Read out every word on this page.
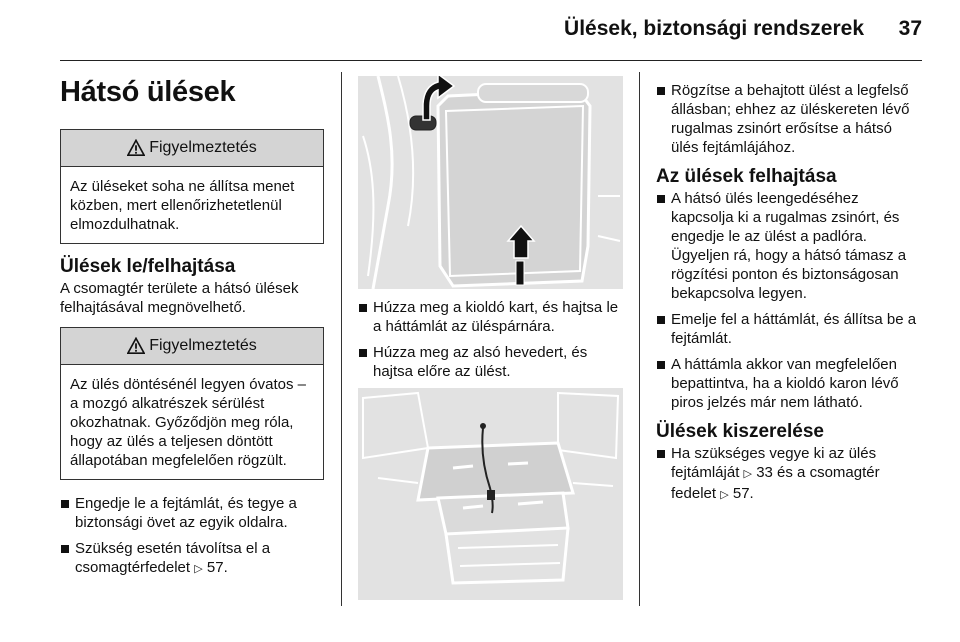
Ülések, biztonsági rendszerek 37
Hátsó ülések
Figyelmeztetés
Az üléseket soha ne állítsa menet közben, mert ellenőrizhetetlenül elmozdulhatnak.
Ülések le/felhajtása

A csomagtér területe a hátsó ülések felhajtásával megnövelhető.

Figyelmeztetés
Az ülés döntésénél legyen óvatos – a mozgó alkatrészek sérülést okozhatnak. Győződjön meg róla, hogy az ülés a teljesen döntött állapotában megfelelően rögzült.
Engedje le a fejtámlát, és tegye a biztonsági övet az egyik oldalra.
Szükség esetén távolítsa el a csomagtérfedelet ▷ 57.
Húzza meg a kioldó kart, és hajtsa le a háttámlát az üléspárnára.
Húzza meg az alsó hevedert, és hajtsa előre az ülést.
Rögzítse a behajtott ülést a legfelső állásban; ehhez az üléskereten lévő rugalmas zsinórt erősítse a hátsó ülés fejtámlájához.
Az ülések felhajtása
A hátsó ülés leengedéséhez kapcsolja ki a rugalmas zsinórt, és engedje le az ülést a padlóra. Ügyeljen rá, hogy a hátsó támasz a rögzítési ponton és biztonságosan bekapcsolva legyen.
Emelje fel a háttámlát, és állítsa be a fejtámlát.
A háttámla akkor van megfelelően bepattintva, ha a kioldó karon lévő piros jelzés már nem látható.
Ülések kiszerelése
Ha szükséges vegye ki az ülés fejtámláját ▷ 33 és a csomagtér fedelet ▷ 57.
